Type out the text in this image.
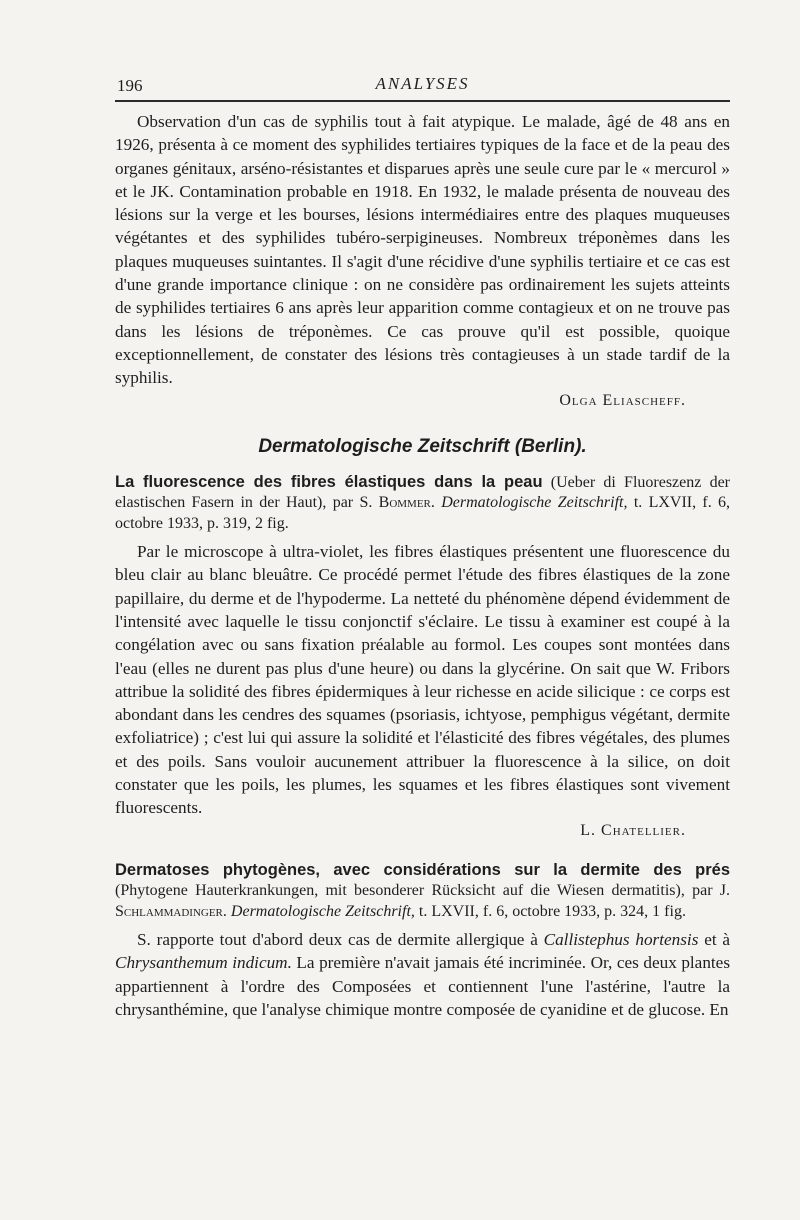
196	ANALYSES

Observation d'un cas de syphilis tout à fait atypique. Le malade, âgé de 48 ans en 1926, présenta à ce moment des syphilides tertiaires typiques de la face et de la peau des organes génitaux, arséno-résistantes et disparues après une seule cure par le « mercurol » et le JK. Contamination probable en 1918. En 1932, le malade présenta de nouveau des lésions sur la verge et les bourses, lésions intermédiaires entre des plaques muqueuses végétantes et des syphilides tubéro-serpigineuses. Nombreux tréponèmes dans les plaques muqueuses suintantes. Il s'agit d'une récidive d'une syphilis tertiaire et ce cas est d'une grande importance clinique : on ne considère pas ordinairement les sujets atteints de syphilides tertiaires 6 ans après leur apparition comme contagieux et on ne trouve pas dans les lésions de tréponèmes. Ce cas prouve qu'il est possible, quoique exceptionnellement, de constater des lésions très contagieuses à un stade tardif de la syphilis.

Olga Eliascheff.

Dermatologische Zeitschrift (Berlin).
La fluorescence des fibres élastiques dans la peau (Ueber di Fluoreszenz der elastischen Fasern in der Haut), par S. Bommer. Dermatologische Zeitschrift, t. LXVII, f. 6, octobre 1933, p. 319, 2 fig.

Par le microscope à ultra-violet, les fibres élastiques présentent une fluorescence du bleu clair au blanc bleuâtre. Ce procédé permet l'étude des fibres élastiques de la zone papillaire, du derme et de l'hypoderme. La netteté du phénomène dépend évidemment de l'intensité avec laquelle le tissu conjonctif s'éclaire. Le tissu à examiner est coupé à la congélation avec ou sans fixation préalable au formol. Les coupes sont montées dans l'eau (elles ne durent pas plus d'une heure) ou dans la glycérine. On sait que W. Fribors attribue la solidité des fibres épidermiques à leur richesse en acide silicique : ce corps est abondant dans les cendres des squames (psoriasis, ichtyose, pemphigus végétant, dermite exfoliatrice) ; c'est lui qui assure la solidité et l'élasticité des fibres végétales, des plumes et des poils. Sans vouloir aucunement attribuer la fluorescence à la silice, on doit constater que les poils, les plumes, les squames et les fibres élastiques sont vivement fluorescents.

L. Chatellier.

Dermatoses phytogènes, avec considérations sur la dermite des prés (Phytogene Hauterkrankungen, mit besonderer Rücksicht auf die Wiesen dermatitis), par J. Schlammadinger. Dermatologische Zeitschrift, t. LXVII, f. 6, octobre 1933, p. 324, 1 fig.

S. rapporte tout d'abord deux cas de dermite allergique à Callistephus hortensis et à Chrysanthemum indicum. La première n'avait jamais été incriminée. Or, ces deux plantes appartiennent à l'ordre des Composées et contiennent l'une l'astérine, l'autre la chrysanthémine, que l'analyse chimique montre composée de cyanidine et de glucose. En
